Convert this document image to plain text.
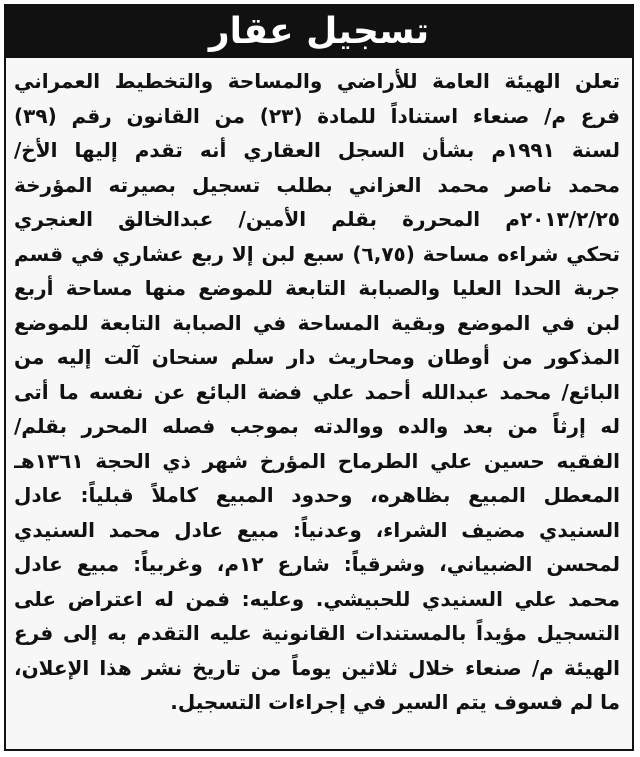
تسجيل عقار
تعلن الهيئة العامة للأراضي والمساحة والتخطيط العمراني
فرع م/ صنعاء استناداً للمادة (٢٣) من القانون رقم (٣٩)
لسنة ١٩٩١م بشأن السجل العقاري أنه تقدم إليها الأخ/
محمد ناصر محمد العزاني بطلب تسجيل بصيرته المؤرخة
٢٠١٣/٢/٢٥م المحررة بقلم الأمين/ عبدالخالق العنجري
تحكي شراءه مساحة (٦,٧٥) سبع لبن إلا ربع عشاري في قسم
جربة الحدا العليا والصبابة التابعة للموضع منها مساحة أربع
لبن في الموضع وبقية المساحة في الصبابة التابعة للموضع
المذكور من أوطان ومحاريث دار سلم سنحان آلت إليه من
البائع/ محمد عبدالله أحمد علي فضة البائع عن نفسه ما أتى
له إرثاً من بعد والده ووالدته بموجب فصله المحرر بقلم/
الفقيه حسين علي الطرماح المؤرخ شهر ذي الحجة ١٣٦١هـ
المعطل المبيع بظاهره، وحدود المبيع كاملاً قبلياً: عادل
السنيدي مضيف الشراء، وعدنياً: مبيع عادل محمد السنيدي
لمحسن الضبياني، وشرقياً: شارع ١٢م، وغربياً: مبيع عادل
محمد علي السنيدي للحبيشي. وعليه: فمن له اعتراض على
التسجيل مؤيداً بالمستندات القانونية عليه التقدم به إلى فرع
الهيئة م/ صنعاء خلال ثلاثين يوماً من تاريخ نشر هذا الإعلان،
ما لم فسوف يتم السير في إجراءات التسجيل.
